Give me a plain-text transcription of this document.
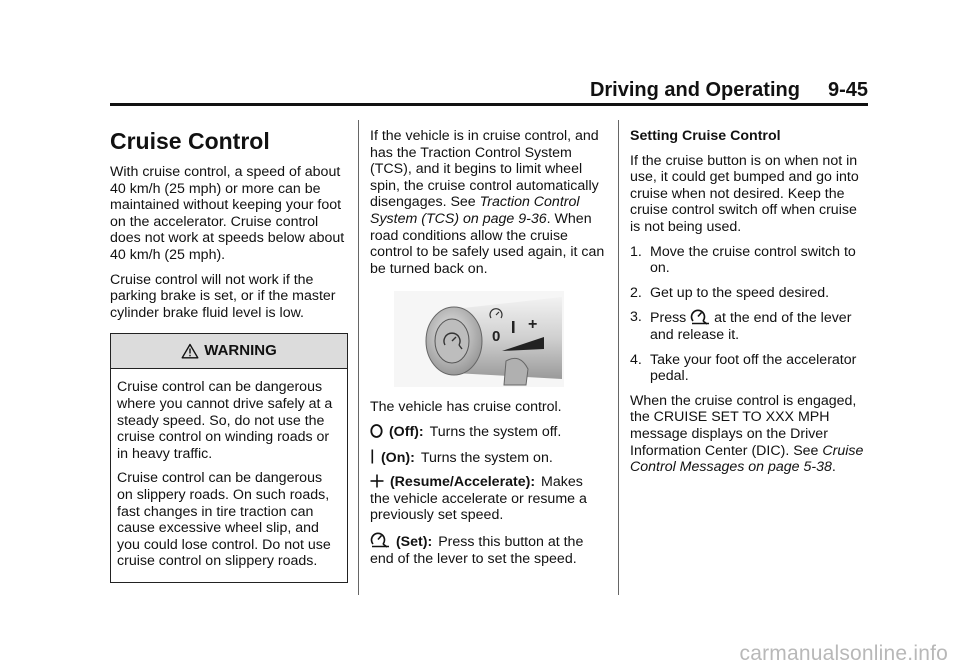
Driving and Operating 9-45
Cruise Control

With cruise control, a speed of about 40 km/h (25 mph) or more can be maintained without keeping your foot on the accelerator. Cruise control does not work at speeds below about 40 km/h (25 mph).

Cruise control will not work if the parking brake is set, or if the master cylinder brake fluid level is low.

WARNING

Cruise control can be dangerous where you cannot drive safely at a steady speed. So, do not use the cruise control on winding roads or in heavy traffic.

Cruise control can be dangerous on slippery roads. On such roads, fast changes in tire traction can cause excessive wheel slip, and you could lose control. Do not use cruise control on slippery roads.

If the vehicle is in cruise control, and has the Traction Control System (TCS), and it begins to limit wheel spin, the cruise control automatically disengages. See Traction Control System (TCS) on page 9-36. When road conditions allow the cruise control to be safely used again, it can be turned back on.

0
+

The vehicle has cruise control.

(Off): Turns the system off.
(On): Turns the system on.
(Resume/Accelerate): Makes the vehicle accelerate or resume a previously set speed.
(Set): Press this button at the end of the lever to set the speed.
Setting Cruise Control

If the cruise button is on when not in use, it could get bumped and go into cruise when not desired. Keep the cruise control switch off when cruise is not being used.

1. Move the cruise control switch to on.
2. Get up to the speed desired.
3. Press at the end of the lever and release it.
4. Take your foot off the accelerator pedal.

When the cruise control is engaged, the CRUISE SET TO XXX MPH message displays on the Driver Information Center (DIC). See Cruise Control Messages on page 5-38.

carmanualsonline.info
